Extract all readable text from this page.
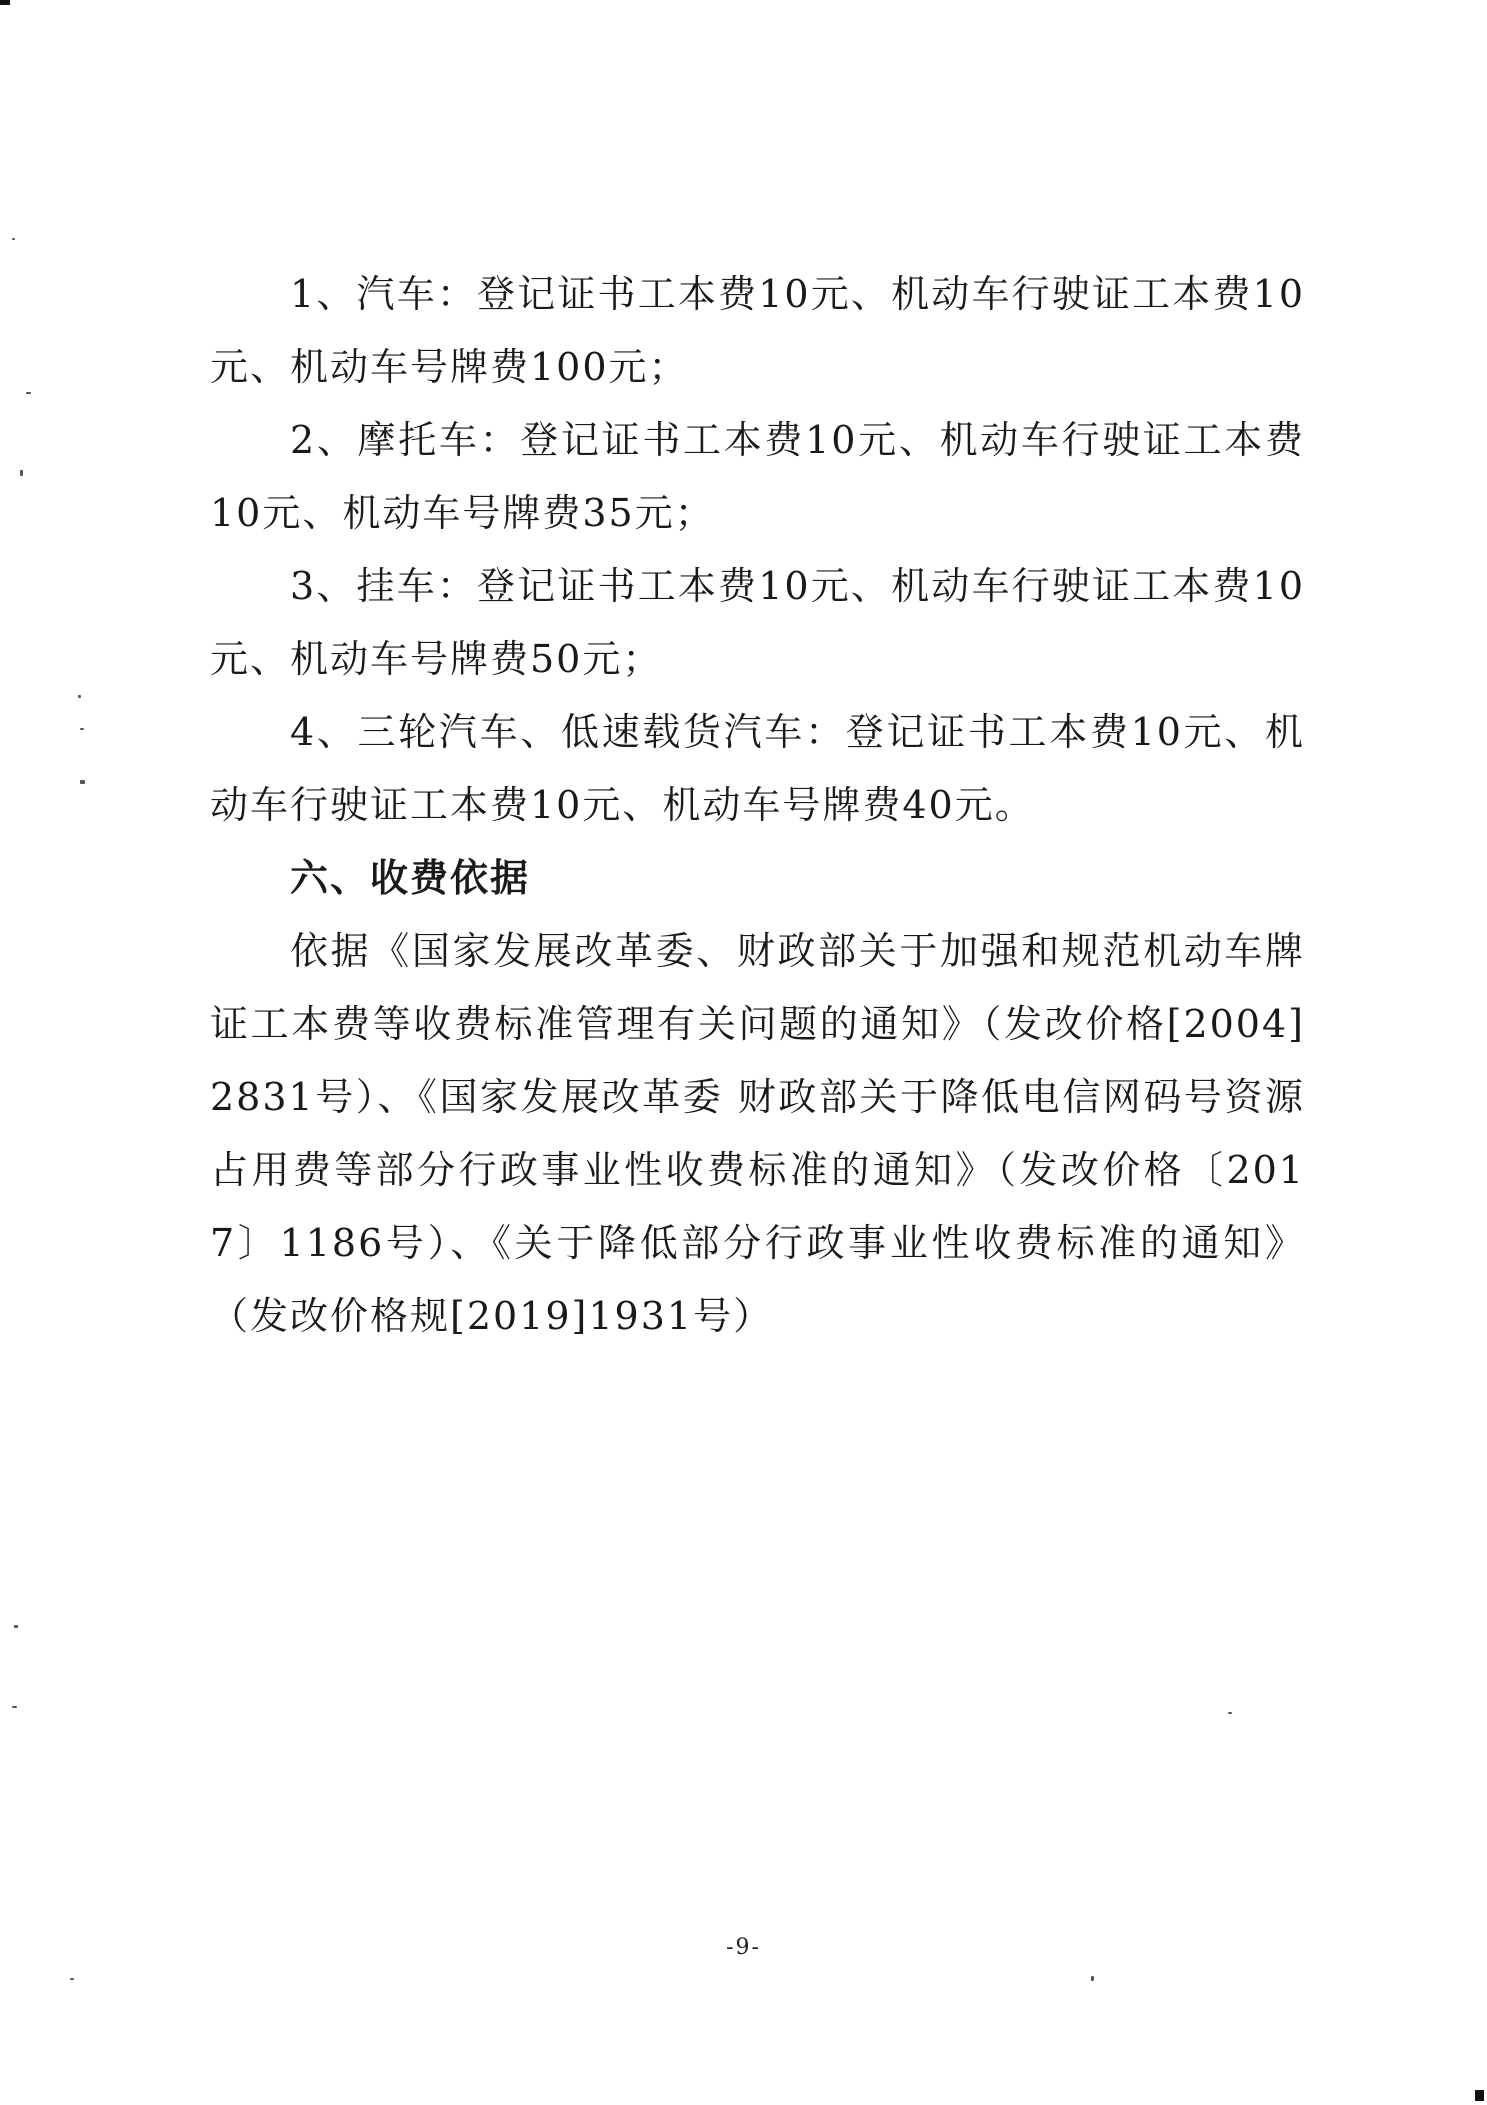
1、汽车：登记证书工本费10元、机动车行驶证工本费10元、机动车号牌费100元；

2、摩托车：登记证书工本费10元、机动车行驶证工本费10元、机动车号牌费35元；

3、挂车：登记证书工本费10元、机动车行驶证工本费10元、机动车号牌费50元；

4、三轮汽车、低速载货汽车：登记证书工本费10元、机动车行驶证工本费10元、机动车号牌费40元。

六、收费依据

依据《国家发展改革委、财政部关于加强和规范机动车牌证工本费等收费标准管理有关问题的通知》（发改价格[2004]2831号）、《国家发展改革委 财政部关于降低电信网码号资源占用费等部分行政事业性收费标准的通知》（发改价格〔2017〕1186号）、《关于降低部分行政事业性收费标准的通知》（发改价格规[2019]1931号）

-9-
